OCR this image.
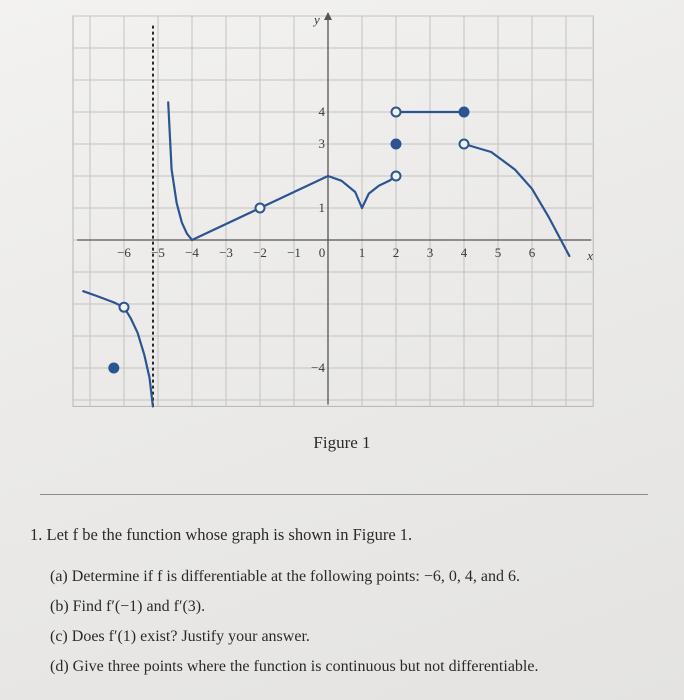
y
x
−6 −5 −4 −3 −2 −1 0	1 2 3 4 5 6
4
3
1
−4
Figure 1
1. Let f be the function whose graph is shown in Figure 1.
(a) Determine if f is differentiable at the following points: −6, 0, 4, and 6.
(b) Find f′(−1) and f′(3).
(c) Does f′(1) exist? Justify your answer.
(d) Give three points where the function is continuous but not differentiable.
